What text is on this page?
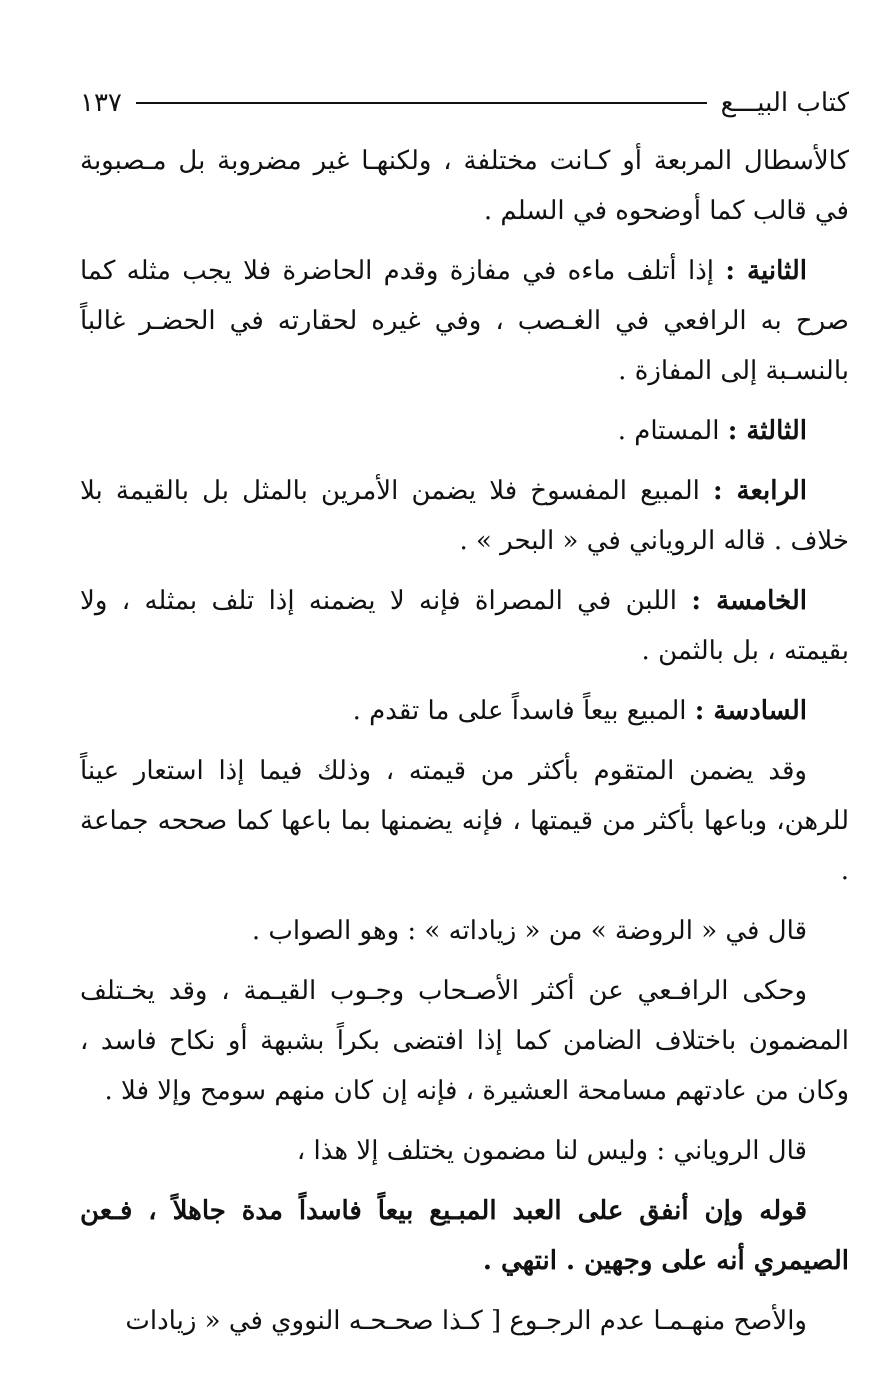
كتاب البيـــع
١٣٧

كالأسطال المربعة أو كـانت مختلفة ، ولكنهـا غير مضروبة بل مـصبوبة في قالب كما أوضحوه في السلم .

الثانية : إذا أتلف ماءه في مفازة وقدم الحاضرة فلا يجب مثله كما صرح به الرافعي في الغـصب ، وفي غيره لحقارته في الحضـر غالباً بالنسـبة إلى المفازة .

الثالثة : المستام .

الرابعة : المبيع المفسوخ فلا يضمن الأمرين بالمثل بل بالقيمة بلا خلاف . قاله الروياني في « البحر » .

الخامسة : اللبن في المصراة فإنه لا يضمنه إذا تلف بمثله ، ولا بقيمته ، بل بالثمن .

السادسة : المبيع بيعاً فاسداً على ما تقدم .

وقد يضمن المتقوم بأكثر من قيمته ، وذلك فيما إذا استعار عيناً للرهن، وباعها بأكثر من قيمتها ، فإنه يضمنها بما باعها كما صححه جماعة .

قال في « الروضة » من « زياداته » : وهو الصواب .

وحكى الرافـعي عن أكثر الأصـحاب وجـوب القيـمة ، وقد يخـتلف المضمون باختلاف الضامن كما إذا افتضى بكراً بشبهة أو نكاح فاسد ، وكان من عادتهم مسامحة العشيرة ، فإنه إن كان منهم سومح وإلا فلا .

قال الروياني : وليس لنا مضمون يختلف إلا هذا ،

قوله وإن أنفق على العبد المبـيع بيعاً فاسداً مدة جاهلاً ، فـعن الصيمري أنه على وجهين . انتهي .

والأصح منهـمـا عدم الرجـوع [ كـذا صحـحـه النووي في « زيادات
